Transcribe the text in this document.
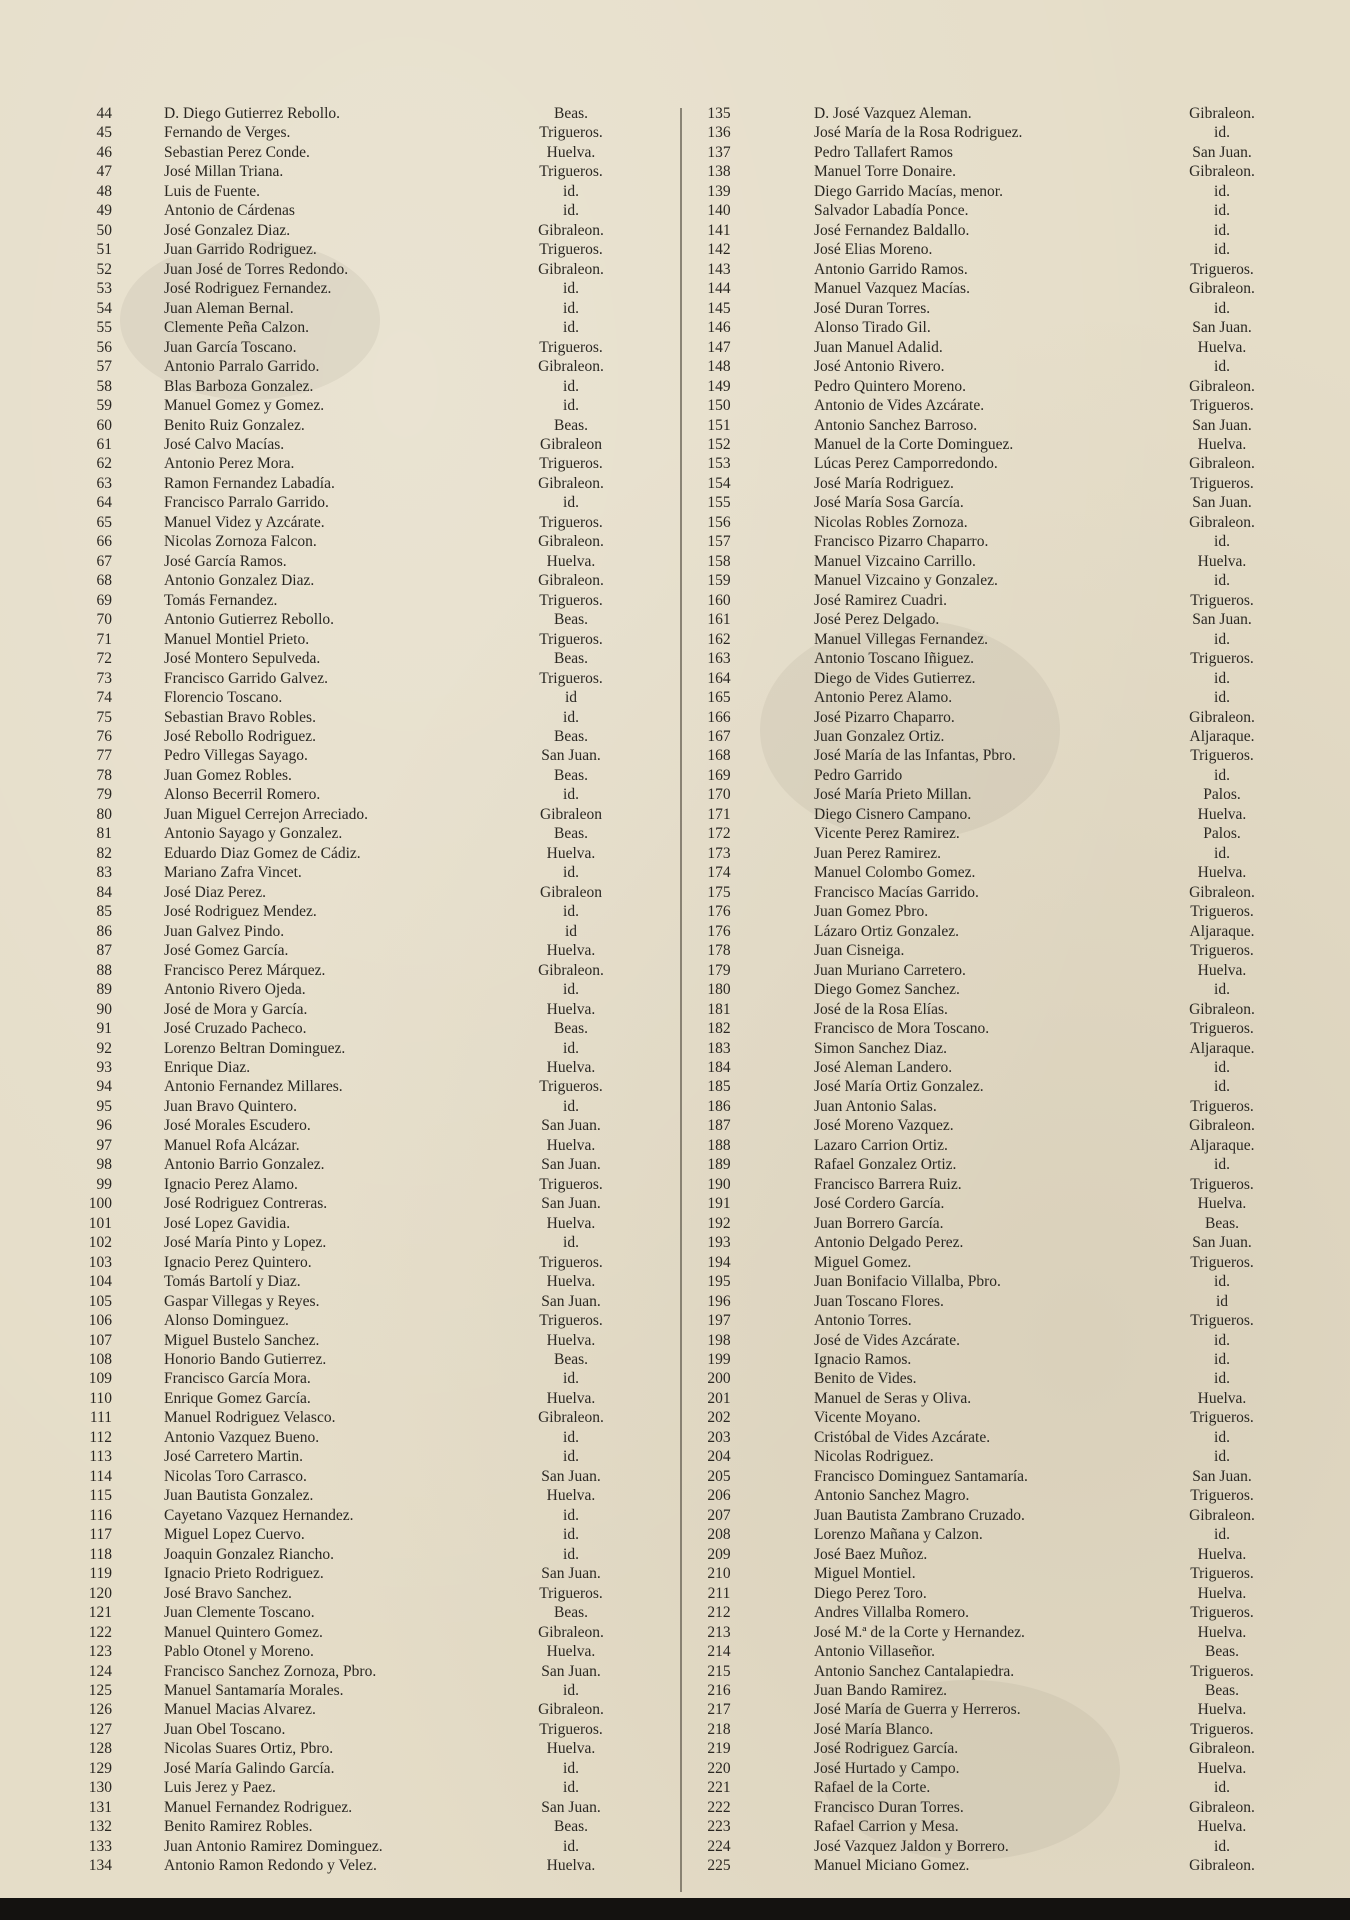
44	D. Diego Gutierrez Rebollo.	Beas.
45	Fernando de Verges.	Trigueros.
46	Sebastian Perez Conde.	Huelva.
47	José Millan Triana.	Trigueros.
48	Luis de Fuente.	id.
49	Antonio de Cárdenas	id.
50	José Gonzalez Diaz.	Gibraleon.
51	Juan Garrido Rodriguez.	Trigueros.
52	Juan José de Torres Redondo.	Gibraleon.
53	José Rodriguez Fernandez.	id.
54	Juan Aleman Bernal.	id.
55	Clemente Peña Calzon.	id.
56	Juan García Toscano.	Trigueros.
57	Antonio Parralo Garrido.	Gibraleon.
58	Blas Barboza Gonzalez.	id.
59	Manuel Gomez y Gomez.	id.
60	Benito Ruiz Gonzalez.	Beas.
61	José Calvo Macías.	Gibraleon
62	Antonio Perez Mora.	Trigueros.
63	Ramon Fernandez Labadía.	Gibraleon.
64	Francisco Parralo Garrido.	id.
65	Manuel Videz y Azcárate.	Trigueros.
66	Nicolas Zornoza Falcon.	Gibraleon.
67	José García Ramos.	Huelva.
68	Antonio Gonzalez Diaz.	Gibraleon.
69	Tomás Fernandez.	Trigueros.
70	Antonio Gutierrez Rebollo.	Beas.
71	Manuel Montiel Prieto.	Trigueros.
72	José Montero Sepulveda.	Beas.
73	Francisco Garrido Galvez.	Trigueros.
74	Florencio Toscano.	id
75	Sebastian Bravo Robles.	id.
76	José Rebollo Rodriguez.	Beas.
77	Pedro Villegas Sayago.	San Juan.
78	Juan Gomez Robles.	Beas.
79	Alonso Becerril Romero.	id.
80	Juan Miguel Cerrejon Arreciado.	Gibraleon
81	Antonio Sayago y Gonzalez.	Beas.
82	Eduardo Diaz Gomez de Cádiz.	Huelva.
83	Mariano Zafra Vincet.	id.
84	José Diaz Perez.	Gibraleon
85	José Rodriguez Mendez.	id.
86	Juan Galvez Pindo.	id
87	José Gomez García.	Huelva.
88	Francisco Perez Márquez.	Gibraleon.
89	Antonio Rivero Ojeda.	id.
90	José de Mora y García.	Huelva.
91	José Cruzado Pacheco.	Beas.
92	Lorenzo Beltran Dominguez.	id.
93	Enrique Diaz.	Huelva.
94	Antonio Fernandez Millares.	Trigueros.
95	Juan Bravo Quintero.	id.
96	José Morales Escudero.	San Juan.
97	Manuel Rofa Alcázar.	Huelva.
98	Antonio Barrio Gonzalez.	San Juan.
99	Ignacio Perez Alamo.	Trigueros.
100	José Rodriguez Contreras.	San Juan.
101	José Lopez Gavidia.	Huelva.
102	José María Pinto y Lopez.	id.
103	Ignacio Perez Quintero.	Trigueros.
104	Tomás Bartolí y Diaz.	Huelva.
105	Gaspar Villegas y Reyes.	San Juan.
106	Alonso Dominguez.	Trigueros.
107	Miguel Bustelo Sanchez.	Huelva.
108	Honorio Bando Gutierrez.	Beas.
109	Francisco García Mora.	id.
110	Enrique Gomez García.	Huelva.
111	Manuel Rodriguez Velasco.	Gibraleon.
112	Antonio Vazquez Bueno.	id.
113	José Carretero Martin.	id.
114	Nicolas Toro Carrasco.	San Juan.
115	Juan Bautista Gonzalez.	Huelva.
116	Cayetano Vazquez Hernandez.	id.
117	Miguel Lopez Cuervo.	id.
118	Joaquin Gonzalez Riancho.	id.
119	Ignacio Prieto Rodriguez.	San Juan.
120	José Bravo Sanchez.	Trigueros.
121	Juan Clemente Toscano.	Beas.
122	Manuel Quintero Gomez.	Gibraleon.
123	Pablo Otonel y Moreno.	Huelva.
124	Francisco Sanchez Zornoza, Pbro.	San Juan.
125	Manuel Santamaría Morales.	id.
126	Manuel Macias Alvarez.	Gibraleon.
127	Juan Obel Toscano.	Trigueros.
128	Nicolas Suares Ortiz, Pbro.	Huelva.
129	José María Galindo García.	id.
130	Luis Jerez y Paez.	id.
131	Manuel Fernandez Rodriguez.	San Juan.
132	Benito Ramirez Robles.	Beas.
133	Juan Antonio Ramirez Dominguez.	id.
134	Antonio Ramon Redondo y Velez.	Huelva.
135	D. José Vazquez Aleman.	Gibraleon.
136	José María de la Rosa Rodriguez.	id.
137	Pedro Tallafert Ramos	San Juan.
138	Manuel Torre Donaire.	Gibraleon.
139	Diego Garrido Macías, menor.	id.
140	Salvador Labadía Ponce.	id.
141	José Fernandez Baldallo.	id.
142	José Elias Moreno.	id.
143	Antonio Garrido Ramos.	Trigueros.
144	Manuel Vazquez Macías.	Gibraleon.
145	José Duran Torres.	id.
146	Alonso Tirado Gil.	San Juan.
147	Juan Manuel Adalid.	Huelva.
148	José Antonio Rivero.	id.
149	Pedro Quintero Moreno.	Gibraleon.
150	Antonio de Vides Azcárate.	Trigueros.
151	Antonio Sanchez Barroso.	San Juan.
152	Manuel de la Corte Dominguez.	Huelva.
153	Lúcas Perez Camporredondo.	Gibraleon.
154	José María Rodriguez.	Trigueros.
155	José María Sosa García.	San Juan.
156	Nicolas Robles Zornoza.	Gibraleon.
157	Francisco Pizarro Chaparro.	id.
158	Manuel Vizcaino Carrillo.	Huelva.
159	Manuel Vizcaino y Gonzalez.	id.
160	José Ramirez Cuadri.	Trigueros.
161	José Perez Delgado.	San Juan.
162	Manuel Villegas Fernandez.	id.
163	Antonio Toscano Iñiguez.	Trigueros.
164	Diego de Vides Gutierrez.	id.
165	Antonio Perez Alamo.	id.
166	José Pizarro Chaparro.	Gibraleon.
167	Juan Gonzalez Ortiz.	Aljaraque.
168	José María de las Infantas, Pbro.	Trigueros.
169	Pedro Garrido	id.
170	José María Prieto Millan.	Palos.
171	Diego Cisnero Campano.	Huelva.
172	Vicente Perez Ramirez.	Palos.
173	Juan Perez Ramirez.	id.
174	Manuel Colombo Gomez.	Huelva.
175	Francisco Macías Garrido.	Gibraleon.
176	Juan Gomez Pbro.	Trigueros.
176	Lázaro Ortiz Gonzalez.	Aljaraque.
178	Juan Cisneiga.	Trigueros.
179	Juan Muriano Carretero.	Huelva.
180	Diego Gomez Sanchez.	id.
181	José de la Rosa Elías.	Gibraleon.
182	Francisco de Mora Toscano.	Trigueros.
183	Simon Sanchez Diaz.	Aljaraque.
184	José Aleman Landero.	id.
185	José María Ortiz Gonzalez.	id.
186	Juan Antonio Salas.	Trigueros.
187	José Moreno Vazquez.	Gibraleon.
188	Lazaro Carrion Ortiz.	Aljaraque.
189	Rafael Gonzalez Ortiz.	id.
190	Francisco Barrera Ruiz.	Trigueros.
191	José Cordero García.	Huelva.
192	Juan Borrero García.	Beas.
193	Antonio Delgado Perez.	San Juan.
194	Miguel Gomez.	Trigueros.
195	Juan Bonifacio Villalba, Pbro.	id.
196	Juan Toscano Flores.	id
197	Antonio Torres.	Trigueros.
198	José de Vides Azcárate.	id.
199	Ignacio Ramos.	id.
200	Benito de Vides.	id.
201	Manuel de Seras y Oliva.	Huelva.
202	Vicente Moyano.	Trigueros.
203	Cristóbal de Vides Azcárate.	id.
204	Nicolas Rodriguez.	id.
205	Francisco Dominguez Santamaría.	San Juan.
206	Antonio Sanchez Magro.	Trigueros.
207	Juan Bautista Zambrano Cruzado.	Gibraleon.
208	Lorenzo Mañana y Calzon.	id.
209	José Baez Muñoz.	Huelva.
210	Miguel Montiel.	Trigueros.
211	Diego Perez Toro.	Huelva.
212	Andres Villalba Romero.	Trigueros.
213	José M.ª de la Corte y Hernandez.	Huelva.
214	Antonio Villaseñor.	Beas.
215	Antonio Sanchez Cantalapiedra.	Trigueros.
216	Juan Bando Ramirez.	Beas.
217	José María de Guerra y Herreros.	Huelva.
218	José María Blanco.	Trigueros.
219	José Rodriguez García.	Gibraleon.
220	José Hurtado y Campo.	Huelva.
221	Rafael de la Corte.	id.
222	Francisco Duran Torres.	Gibraleon.
223	Rafael Carrion y Mesa.	Huelva.
224	José Vazquez Jaldon y Borrero.	id.
225	Manuel Miciano Gomez.	Gibraleon.
